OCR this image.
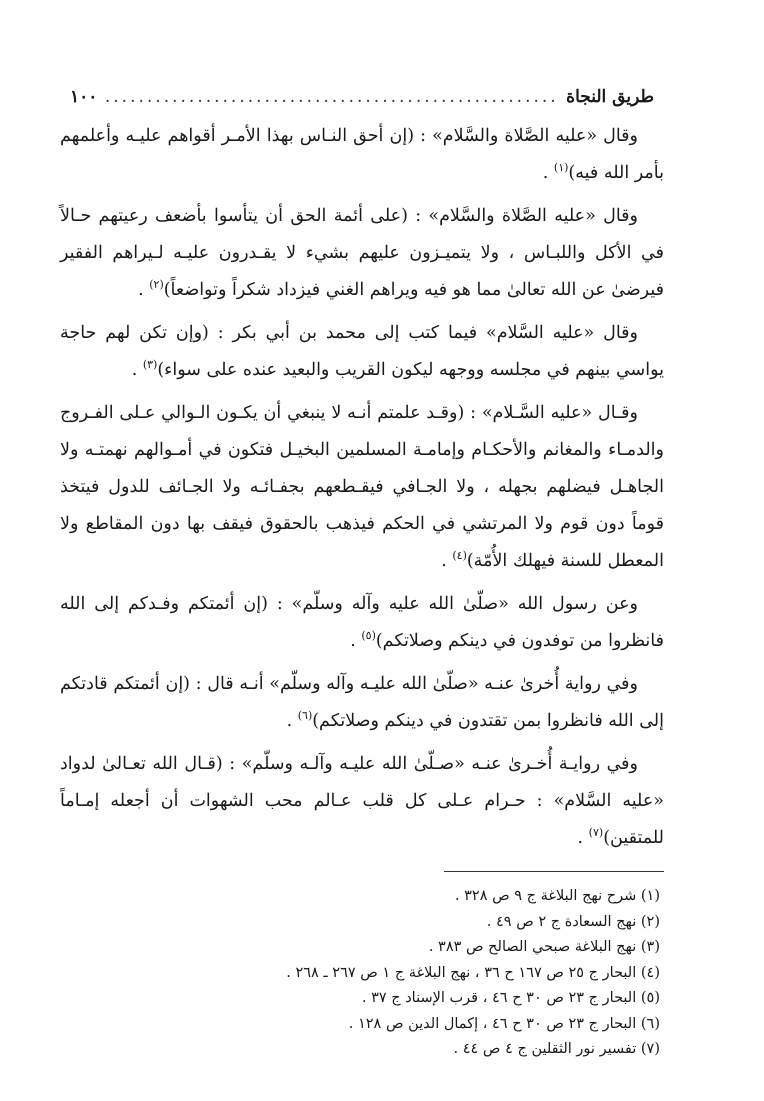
طريق النجاة
......................................................
١٠٠

وقال «عليه الصَّلاة والسَّلام» : (إن أحق النـاس بهذا الأمـر أقواهم عليـه وأعلمهم بأمر الله فيه)$^{(١)}$ .

وقال «عليه الصَّلاة والسَّلام» : (على أئمة الحق أن يتأسوا بأضعف رعيتهم حـالاً في الأكل واللبـاس ، ولا يتميـزون عليهم بشيء لا يقـدرون عليـه لـيراهم الفقير فيرضىٰ عن الله تعالىٰ مما هو فيه ويراهم الغني فيزداد شكراً وتواضعاً)$^{(٢)}$ .

وقال «عليه السَّلام» فيما كتب إلى محمد بن أبي بكر : (وإن تكن لهم حاجة يواسي بينهم في مجلسه ووجهه ليكون القريب والبعيد عنده على سواء)$^{(٣)}$ .

وقـال «عليه السَّـلام» : (وقـد علمتم أنـه لا ينبغي أن يكـون الـوالي عـلى الفـروج والدمـاء والمغانم والأحكـام وإمامـة المسلمين البخيـل فتكون في أمـوالهم نهمتـه ولا الجاهـل فيضلهم بجهله ، ولا الجـافي فيقـطعهم بجفـائـه ولا الجـائف للدول فيتخذ قوماً دون قوم ولا المرتشي في الحكم فيذهب بالحقوق فيقف بها دون المقاطع ولا المعطل للسنة فيهلك الأُمّة)$^{(٤)}$ .

وعن رسول الله «صلّىٰ الله عليه وآله وسلّم» : (إن أئمتكم وفـدكم إلى الله فانظروا من توفدون في دينكم وصلاتكم)$^{(٥)}$ .

وفي رواية أُخرىٰ عنـه «صلّىٰ الله عليـه وآله وسلّم» أنـه قال : (إن أئمتكم قادتكم إلى الله فانظروا بمن تقتدون في دينكم وصلاتكم)$^{(٦)}$ .

وفي روايـة أُخـرىٰ عنـه «صـلّىٰ الله عليـه وآلـه وسلّم» : (قـال الله تعـالىٰ لدواد «عليه السَّلام» : حـرام عـلى كل قلب عـالم محب الشهوات أن أجعله إمـاماً للمتقين)$^{(٧)}$ .

(١) شرح نهج البلاغة ج ٩ ص ٣٢٨ .
(٢) نهج السعادة ج ٢ ص ٤٩ .
(٣) نهج البلاغة صبحي الصالح ص ٣٨٣ .
(٤) البحار ج ٢٥ ص ١٦٧ ح ٣٦ ، نهج البلاغة ج ١ ص ٢٦٧ ـ ٢٦٨ .
(٥) البحار ج ٢٣ ص ٣٠ ح ٤٦ ، قرب الإسناد ج ٣٧ .
(٦) البحار ج ٢٣ ص ٣٠ ح ٤٦ ، إكمال الدين ص ١٢٨ .
(٧) تفسير نور الثقلين ج ٤ ص ٤٤ .
